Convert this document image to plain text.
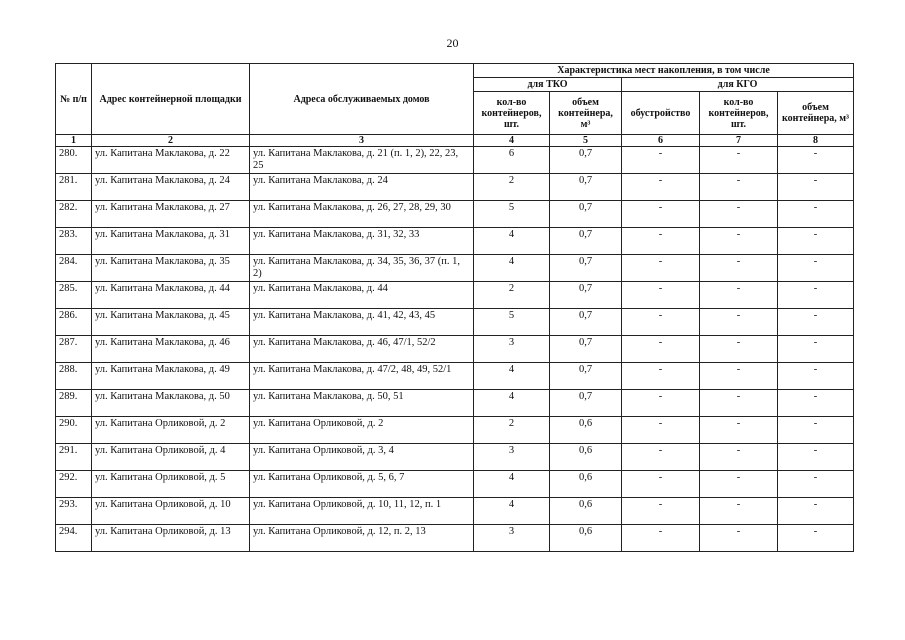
20
№ п/п	Адрес контейнерной площадки	Адреса обслуживаемых домов	Характеристика мест накопления, в том числе				
			для ТКО		для КГО		
			кол-во контейнеров, шт.	объем контейнера, м³	обустройство	кол-во контейнеров, шт.	объем контейнера, м³
1	2	3	4	5	6	7	8
280.	ул. Капитана Маклакова, д. 22	ул. Капитана Маклакова, д. 21 (п. 1, 2), 22, 23, 25	6	0,7	-	-	-
281.	ул. Капитана Маклакова, д. 24	ул. Капитана Маклакова, д. 24	2	0,7	-	-	-
282.	ул. Капитана Маклакова, д. 27	ул. Капитана Маклакова, д. 26, 27, 28, 29, 30	5	0,7	-	-	-
283.	ул. Капитана Маклакова, д. 31	ул. Капитана Маклакова, д. 31, 32, 33	4	0,7	-	-	-
284.	ул. Капитана Маклакова, д. 35	ул. Капитана Маклакова, д. 34, 35, 36, 37 (п. 1, 2)	4	0,7	-	-	-
285.	ул. Капитана Маклакова, д. 44	ул. Капитана Маклакова, д. 44	2	0,7	-	-	-
286.	ул. Капитана Маклакова, д. 45	ул. Капитана Маклакова, д. 41, 42, 43, 45	5	0,7	-	-	-
287.	ул. Капитана Маклакова, д. 46	ул. Капитана Маклакова, д. 46, 47/1, 52/2	3	0,7	-	-	-
288.	ул. Капитана Маклакова, д. 49	ул. Капитана Маклакова, д. 47/2, 48, 49, 52/1	4	0,7	-	-	-
289.	ул. Капитана Маклакова, д. 50	ул. Капитана Маклакова, д. 50, 51	4	0,7	-	-	-
290.	ул. Капитана Орликовой, д. 2	ул. Капитана Орликовой, д. 2	2	0,6	-	-	-
291.	ул. Капитана Орликовой, д. 4	ул. Капитана Орликовой, д. 3, 4	3	0,6	-	-	-
292.	ул. Капитана Орликовой, д. 5	ул. Капитана Орликовой, д. 5, 6, 7	4	0,6	-	-	-
293.	ул. Капитана Орликовой, д. 10	ул. Капитана Орликовой, д. 10, 11, 12, п. 1	4	0,6	-	-	-
294.	ул. Капитана Орликовой, д. 13	ул. Капитана Орликовой, д. 12, п. 2, 13	3	0,6	-	-	-
